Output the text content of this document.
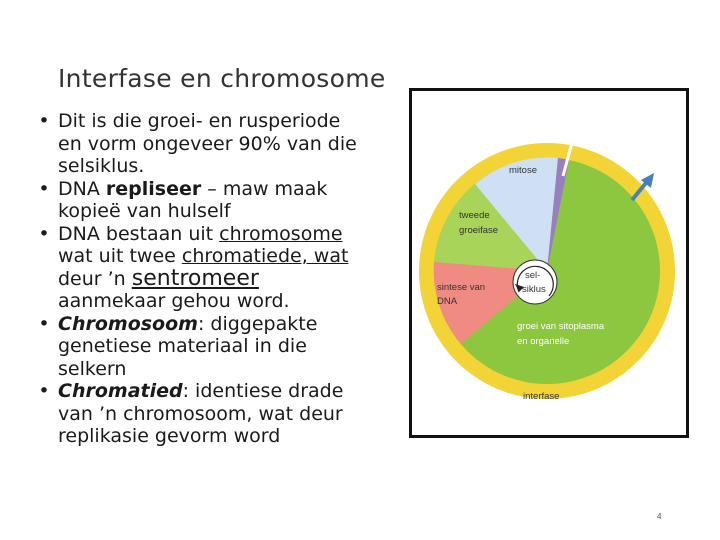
Interfase en chromosome
• Dit is die groei- en rusperiode en vorm ongeveer 90% van die selsiklus.
• DNA repliseer – maw maak kopieë van hulself
• DNA bestaan uit chromosome wat uit twee chromatiede, wat deur ’n sentromeer aanmekaar gehou word.
• Chromosoom: diggepakte genetiese materiaal in die selkern
• Chromatied: identiese drade van ’n chromosoom, wat deur replikasie gevorm word
sitokinese
(selverdeling)
volg mitose
mitose
tweede
groeifase
sintese van
DNA
sel-
siklus
groei van sitoplasma
en organelle
interfase
Die fases van die selsiklus
4
